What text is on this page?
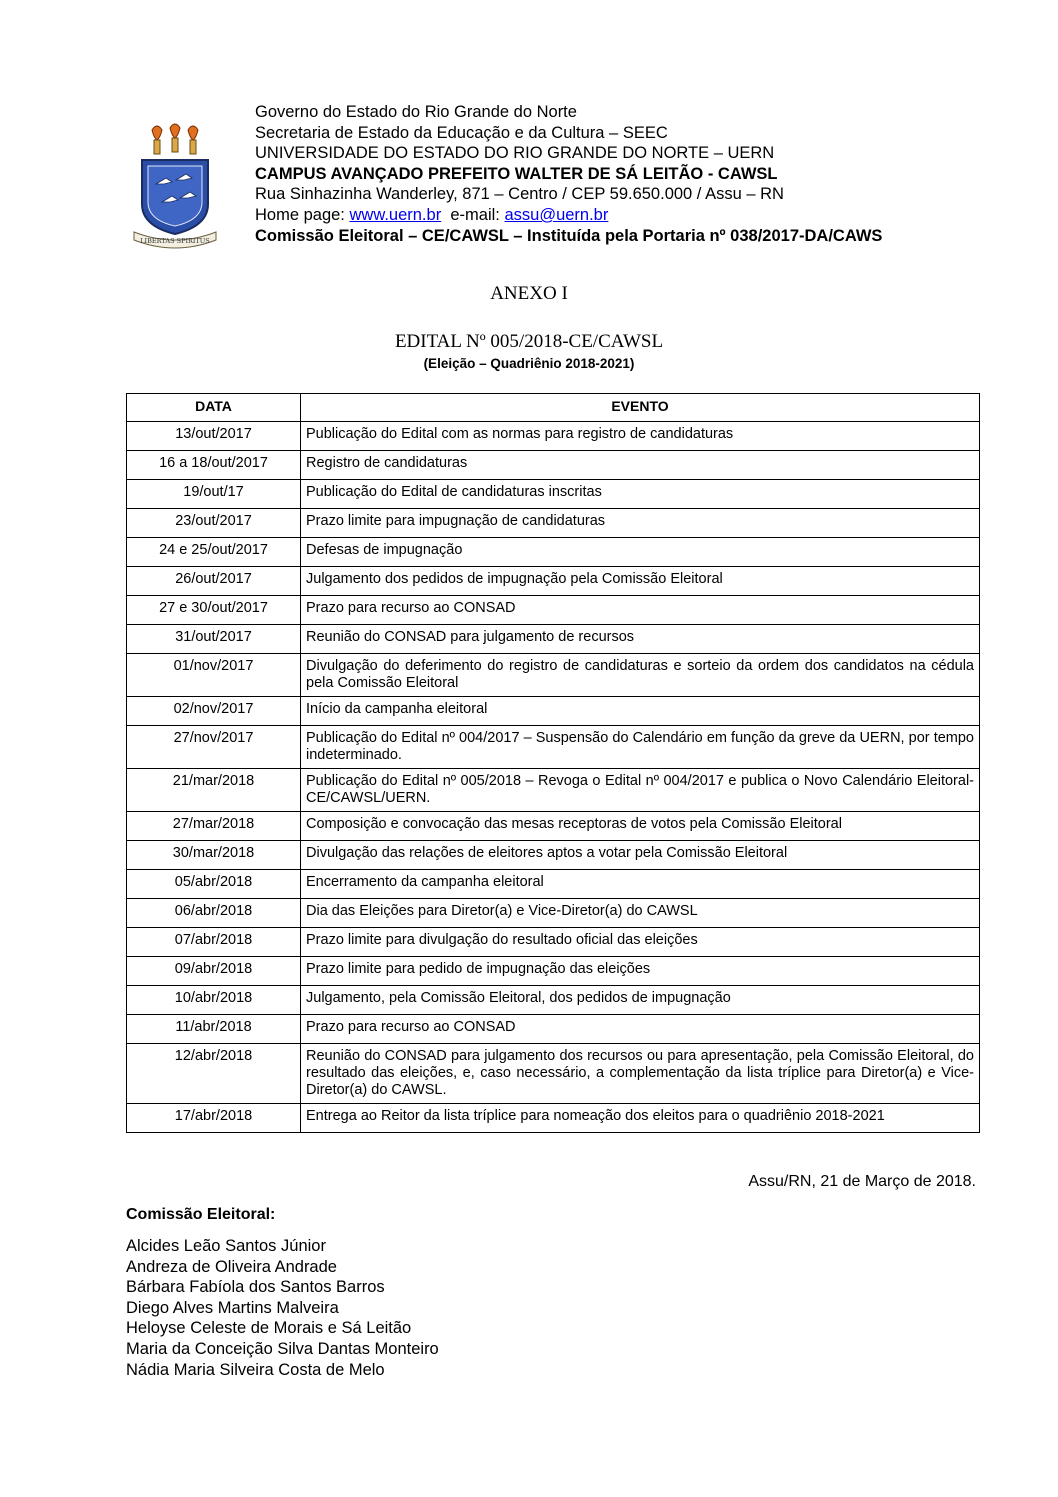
LIBERTAS SPIRITUS
Governo do Estado do Rio Grande do Norte
Secretaria de Estado da Educação e da Cultura – SEEC
UNIVERSIDADE DO ESTADO DO RIO GRANDE DO NORTE – UERN
CAMPUS AVANÇADO PREFEITO WALTER DE SÁ LEITÃO - CAWSL
Rua Sinhazinha Wanderley, 871 – Centro / CEP 59.650.000 / Assu – RN
Home page: www.uern.br e-mail: assu@uern.br
Comissão Eleitoral – CE/CAWSL – Instituída pela Portaria nº 038/2017-DA/CAWS
ANEXO I
EDITAL Nº 005/2018-CE/CAWSL
(Eleição – Quadriênio 2018-2021)
DATA	EVENTO
13/out/2017	Publicação do Edital com as normas para registro de candidaturas
16 a 18/out/2017	Registro de candidaturas
19/out/17	Publicação do Edital de candidaturas inscritas
23/out/2017	Prazo limite para impugnação de candidaturas
24 e 25/out/2017	Defesas de impugnação
26/out/2017	Julgamento dos pedidos de impugnação pela Comissão Eleitoral
27 e 30/out/2017	Prazo para recurso ao CONSAD
31/out/2017	Reunião do CONSAD para julgamento de recursos
01/nov/2017	Divulgação do deferimento do registro de candidaturas e sorteio da ordem dos candidatos na cédula pela Comissão Eleitoral
02/nov/2017	Início da campanha eleitoral
27/nov/2017	Publicação do Edital nº 004/2017 – Suspensão do Calendário em função da greve da UERN, por tempo indeterminado.
21/mar/2018	Publicação do Edital nº 005/2018 – Revoga o Edital nº 004/2017 e publica o Novo Calendário Eleitoral-CE/CAWSL/UERN.
27/mar/2018	Composição e convocação das mesas receptoras de votos pela Comissão Eleitoral
30/mar/2018	Divulgação das relações de eleitores aptos a votar pela Comissão Eleitoral
05/abr/2018	Encerramento da campanha eleitoral
06/abr/2018	Dia das Eleições para Diretor(a) e Vice-Diretor(a) do CAWSL
07/abr/2018	Prazo limite para divulgação do resultado oficial das eleições
09/abr/2018	Prazo limite para pedido de impugnação das eleições
10/abr/2018	Julgamento, pela Comissão Eleitoral, dos pedidos de impugnação
11/abr/2018	Prazo para recurso ao CONSAD
12/abr/2018	Reunião do CONSAD para julgamento dos recursos ou para apresentação, pela Comissão Eleitoral, do resultado das eleições, e, caso necessário, a complementação da lista tríplice para Diretor(a) e Vice-Diretor(a) do CAWSL.
17/abr/2018	Entrega ao Reitor da lista tríplice para nomeação dos eleitos para o quadriênio 2018-2021
Assu/RN, 21 de Março de 2018.
Comissão Eleitoral:
Alcides Leão Santos Júnior
Andreza de Oliveira Andrade
Bárbara Fabíola dos Santos Barros
Diego Alves Martins Malveira
Heloyse Celeste de Morais e Sá Leitão
Maria da Conceição Silva Dantas Monteiro
Nádia Maria Silveira Costa de Melo
